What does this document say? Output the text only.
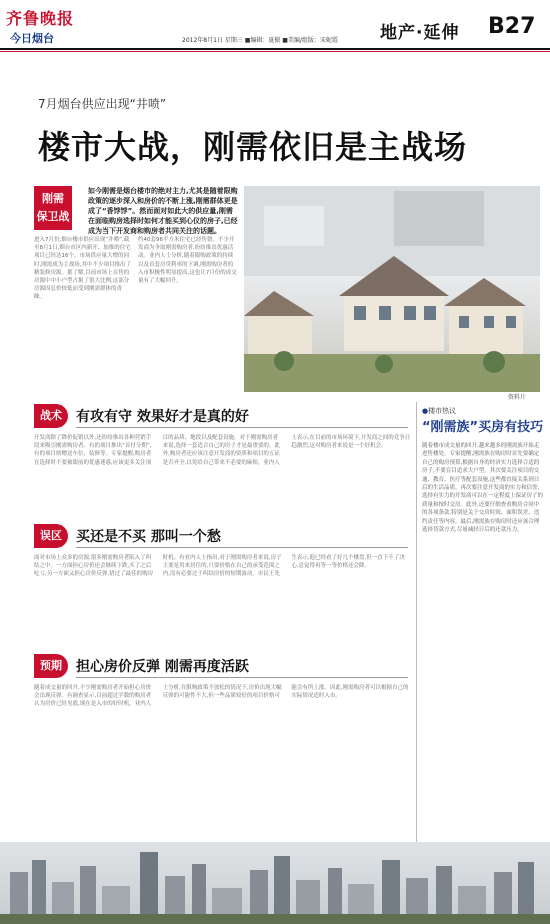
齐鲁晚报
今日烟台	2012年8月1日 星期三 ■编辑：夏振 ■美编/组版：宋妮霞 地产·延伸 B27
7月烟台供应出现“井喷”
楼市大战，刚需依旧是主战场
刚需
保卫战
如今刚需是烟台楼市的绝对主力,尤其是随着限购政策的逐步深入和房价的不断上涨,刚需群体更是成了“香饽饽”。然而面对如此大的供应量,刚需在面临购房选择时如何才能买到心仪的房子,已经成为当下开发商和购房者共同关注的话题。
资料片
进入7月份,烟台楼市供应出现“井喷”,截至8月1日,烟台市区内新开、加推的住宅项目已经达16个。市场供应量大增的同时,刚需成为主战场,其中不少项目推出了精装修房源。据了解,目前市场上在售的房源中中小户型占据了很大比例,这部分房源因总价较低而受到刚需群体的青睐。
约40套96平方米住宅已经售罄。不少开发商为争取刚需购房者,纷纷推出优惠活动。业内人士分析,随着限购政策的持续以及首套房贷利率的下调,刚需购房者的入市积极性明显提高,这也让7月份的成交量有了大幅回升。
战术	有攻有守 效果好才是真的好
开发商除了降价促销以外,还纷纷推出各种营销手段来吸引刚需购房者。有的项目推出“首付分期”,有的项目则赠送车位、装修等。专家提醒,购房者在选择时不要被眼前的优惠迷惑,应该更多关注项目的品质、地段以及配套设施。对于刚需购房者来说,选择一套适合自己的房子才是最重要的。此外,购房者还应该注意开发商的资质和项目的五证是否齐全,以免给自己带来不必要的麻烦。业内人士表示,在目前的市场环境下,开发商之间的竞争日趋激烈,这对购房者来说是一个好机会。
误区	买还是不买 那叫一个愁
面对市场上众多的房源,很多刚需购房者陷入了纠结之中。一方面担心房价还会继续下跌,买了之后吃亏;另一方面又担心房价反弹,错过了最佳的购房时机。有业内人士指出,对于刚需购房者来说,房子主要是用来居住的,只要价格在自己的承受范围之内,没有必要过于纠结房价的短期波动。市民王先生表示,他已经看了好几个楼盘,但一直下不了决心,总觉得再等一等价格还会降。
预期	担心房价反弹 刚需再度活跃
随着成交量的回升,不少刚需购房者开始担心房价会出现反弹。有调查显示,目前超过半数的购房者认为房价已经见底,现在是入市的好时机。业内人士分析,在限购政策不放松的情况下,房价出现大幅反弹的可能性不大,但一些品质较好的项目价格可能会有所上涨。因此,刚需购房者可以根据自己的实际情况适时入市。
●楼市热议
“刚需族”买房有技巧
随着楼市成交量的回升,越来越多的刚需族开始走进售楼处。专家提醒,刚需族在购房时首先要确定自己的购房预算,根据自身的经济实力选择合适的房子,不要盲目追求大户型。其次要关注项目的交通、教育、医疗等配套设施,这些都直接关系到日后的生活品质。再次要注意开发商的实力和信誉,选择有实力的开发商可以在一定程度上保证房子的质量和按时交房。此外,还要仔细查看购房合同中的各项条款,特别是关于交房时间、面积误差、违约责任等内容。最后,刚需族在购房时还应该合理选择贷款方式,尽量减轻日后的还款压力。
